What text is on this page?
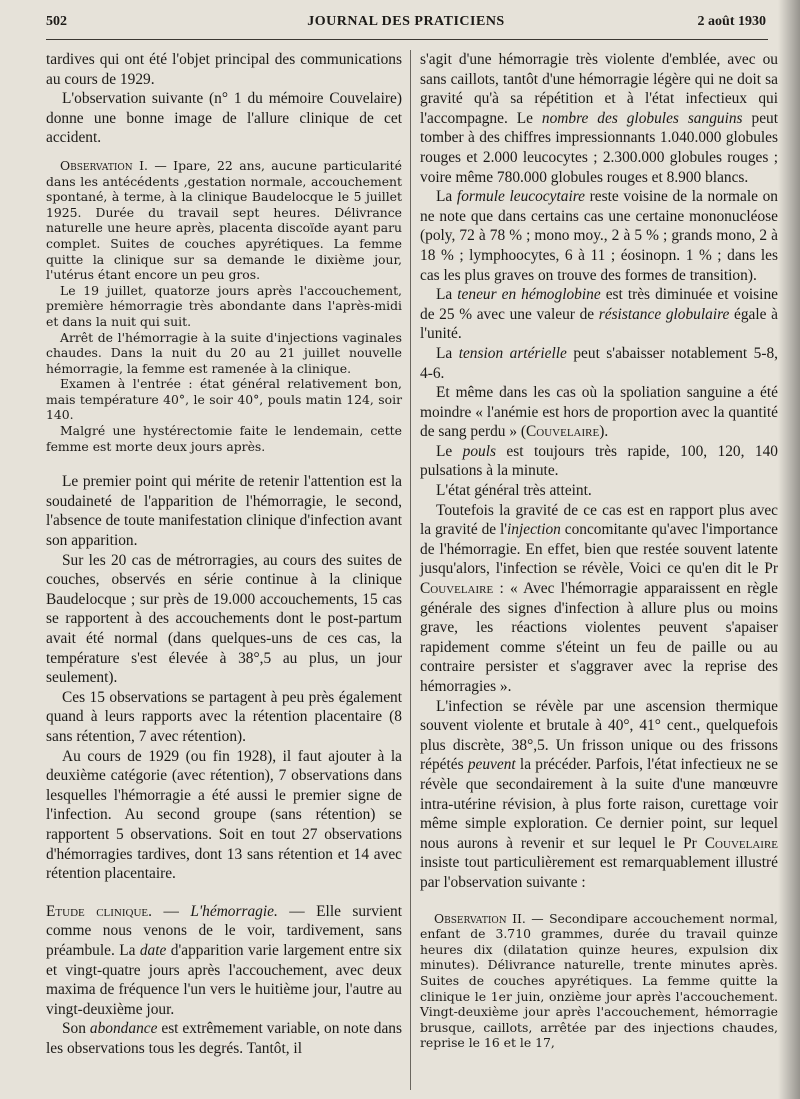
502	JOURNAL DES PRATICIENS	2 août 1930

tardives qui ont été l'objet principal des communications au cours de 1929.

L'observation suivante (n° 1 du mémoire Couvelaire) donne une bonne image de l'allure clinique de cet accident.

Observation I. — Ipare, 22 ans, aucune particularité dans les antécédents ,gestation normale, accouchement spontané, à terme, à la clinique Baudelocque le 5 juillet 1925. Durée du travail sept heures. Délivrance naturelle une heure après, placenta discoïde ayant paru complet. Suites de couches apyrétiques. La femme quitte la clinique sur sa demande le dixième jour, l'utérus étant encore un peu gros.

Le 19 juillet, quatorze jours après l'accouchement, première hémorragie très abondante dans l'après-midi et dans la nuit qui suit.

Arrêt de l'hémorragie à la suite d'injections vaginales chaudes. Dans la nuit du 20 au 21 juillet nouvelle hémorragie, la femme est ramenée à la clinique.

Examen à l'entrée : état général relativement bon, mais température 40°, le soir 40°, pouls matin 124, soir 140.

Malgré une hystérectomie faite le lendemain, cette femme est morte deux jours après.

Le premier point qui mérite de retenir l'attention est la soudaineté de l'apparition de l'hémorragie, le second, l'absence de toute manifestation clinique d'infection avant son apparition.

Sur les 20 cas de métrorragies, au cours des suites de couches, observés en série continue à la clinique Baudelocque ; sur près de 19.000 accouchements, 15 cas se rapportent à des accouchements dont le post-partum avait été normal (dans quelques-uns de ces cas, la température s'est élevée à 38°,5 au plus, un jour seulement).

Ces 15 observations se partagent à peu près également quand à leurs rapports avec la rétention placentaire (8 sans rétention, 7 avec rétention).

Au cours de 1929 (ou fin 1928), il faut ajouter à la deuxième catégorie (avec rétention), 7 observations dans lesquelles l'hémorragie a été aussi le premier signe de l'infection. Au second groupe (sans rétention) se rapportent 5 observations. Soit en tout 27 observations d'hémorragies tardives, dont 13 sans rétention et 14 avec rétention placentaire.

Etude clinique. — L'hémorragie. — Elle survient comme nous venons de le voir, tardivement, sans préambule. La date d'apparition varie largement entre six et vingt-quatre jours après l'accouchement, avec deux maxima de fréquence l'un vers le huitième jour, l'autre au vingt-deuxième jour.

Son abondance est extrêmement variable, on note dans les observations tous les degrés. Tantôt, il

s'agit d'une hémorragie très violente d'emblée, avec ou sans caillots, tantôt d'une hémorragie légère qui ne doit sa gravité qu'à sa répétition et à l'état infectieux qui l'accompagne. Le nombre des globules sanguins peut tomber à des chiffres impressionnants 1.040.000 globules rouges et 2.000 leucocytes ; 2.300.000 globules rouges ; voire même 780.000 globules rouges et 8.900 blancs.

La formule leucocytaire reste voisine de la normale on ne note que dans certains cas une certaine mononucléose (poly, 72 à 78 % ; mono moy., 2 à 5 % ; grands mono, 2 à 18 % ; lymphoocytes, 6 à 11 ; éosinopn. 1 % ; dans les cas les plus graves on trouve des formes de transition).

La teneur en hémoglobine est très diminuée et voisine de 25 % avec une valeur de résistance globulaire égale à l'unité.

La tension artérielle peut s'abaisser notablement 5-8, 4-6.

Et même dans les cas où la spoliation sanguine a été moindre « l'anémie est hors de proportion avec la quantité de sang perdu » (Couvelaire).

Le pouls est toujours très rapide, 100, 120, 140 pulsations à la minute.

L'état général très atteint.

Toutefois la gravité de ce cas est en rapport plus avec la gravité de l'injection concomitante qu'avec l'importance de l'hémorragie. En effet, bien que restée souvent latente jusqu'alors, l'infection se révèle, Voici ce qu'en dit le Pr Couvelaire : « Avec l'hémorragie apparaissent en règle générale des signes d'infection à allure plus ou moins grave, les réactions violentes peuvent s'apaiser rapidement comme s'éteint un feu de paille ou au contraire persister et s'aggraver avec la reprise des hémorragies ».

L'infection se révèle par une ascension thermique souvent violente et brutale à 40°, 41° cent., quelquefois plus discrète, 38°,5. Un frisson unique ou des frissons répétés peuvent la précéder. Parfois, l'état infectieux ne se révèle que secondairement à la suite d'une manœuvre intra-utérine révision, à plus forte raison, curettage voir même simple exploration. Ce dernier point, sur lequel nous aurons à revenir et sur lequel le Pr Couvelaire insiste tout particulièrement est remarquablement illustré par l'observation suivante :

Observation II. — Secondipare accouchement normal, enfant de 3.710 grammes, durée du travail quinze heures dix (dilatation quinze heures, expulsion dix minutes). Délivrance naturelle, trente minutes après. Suites de couches apyrétiques. La femme quitte la clinique le 1er juin, onzième jour après l'accouchement. Vingt-deuxième jour après l'accouchement, hémorragie brusque, caillots, arrêtée par des injections chaudes, reprise le 16 et le 17,
